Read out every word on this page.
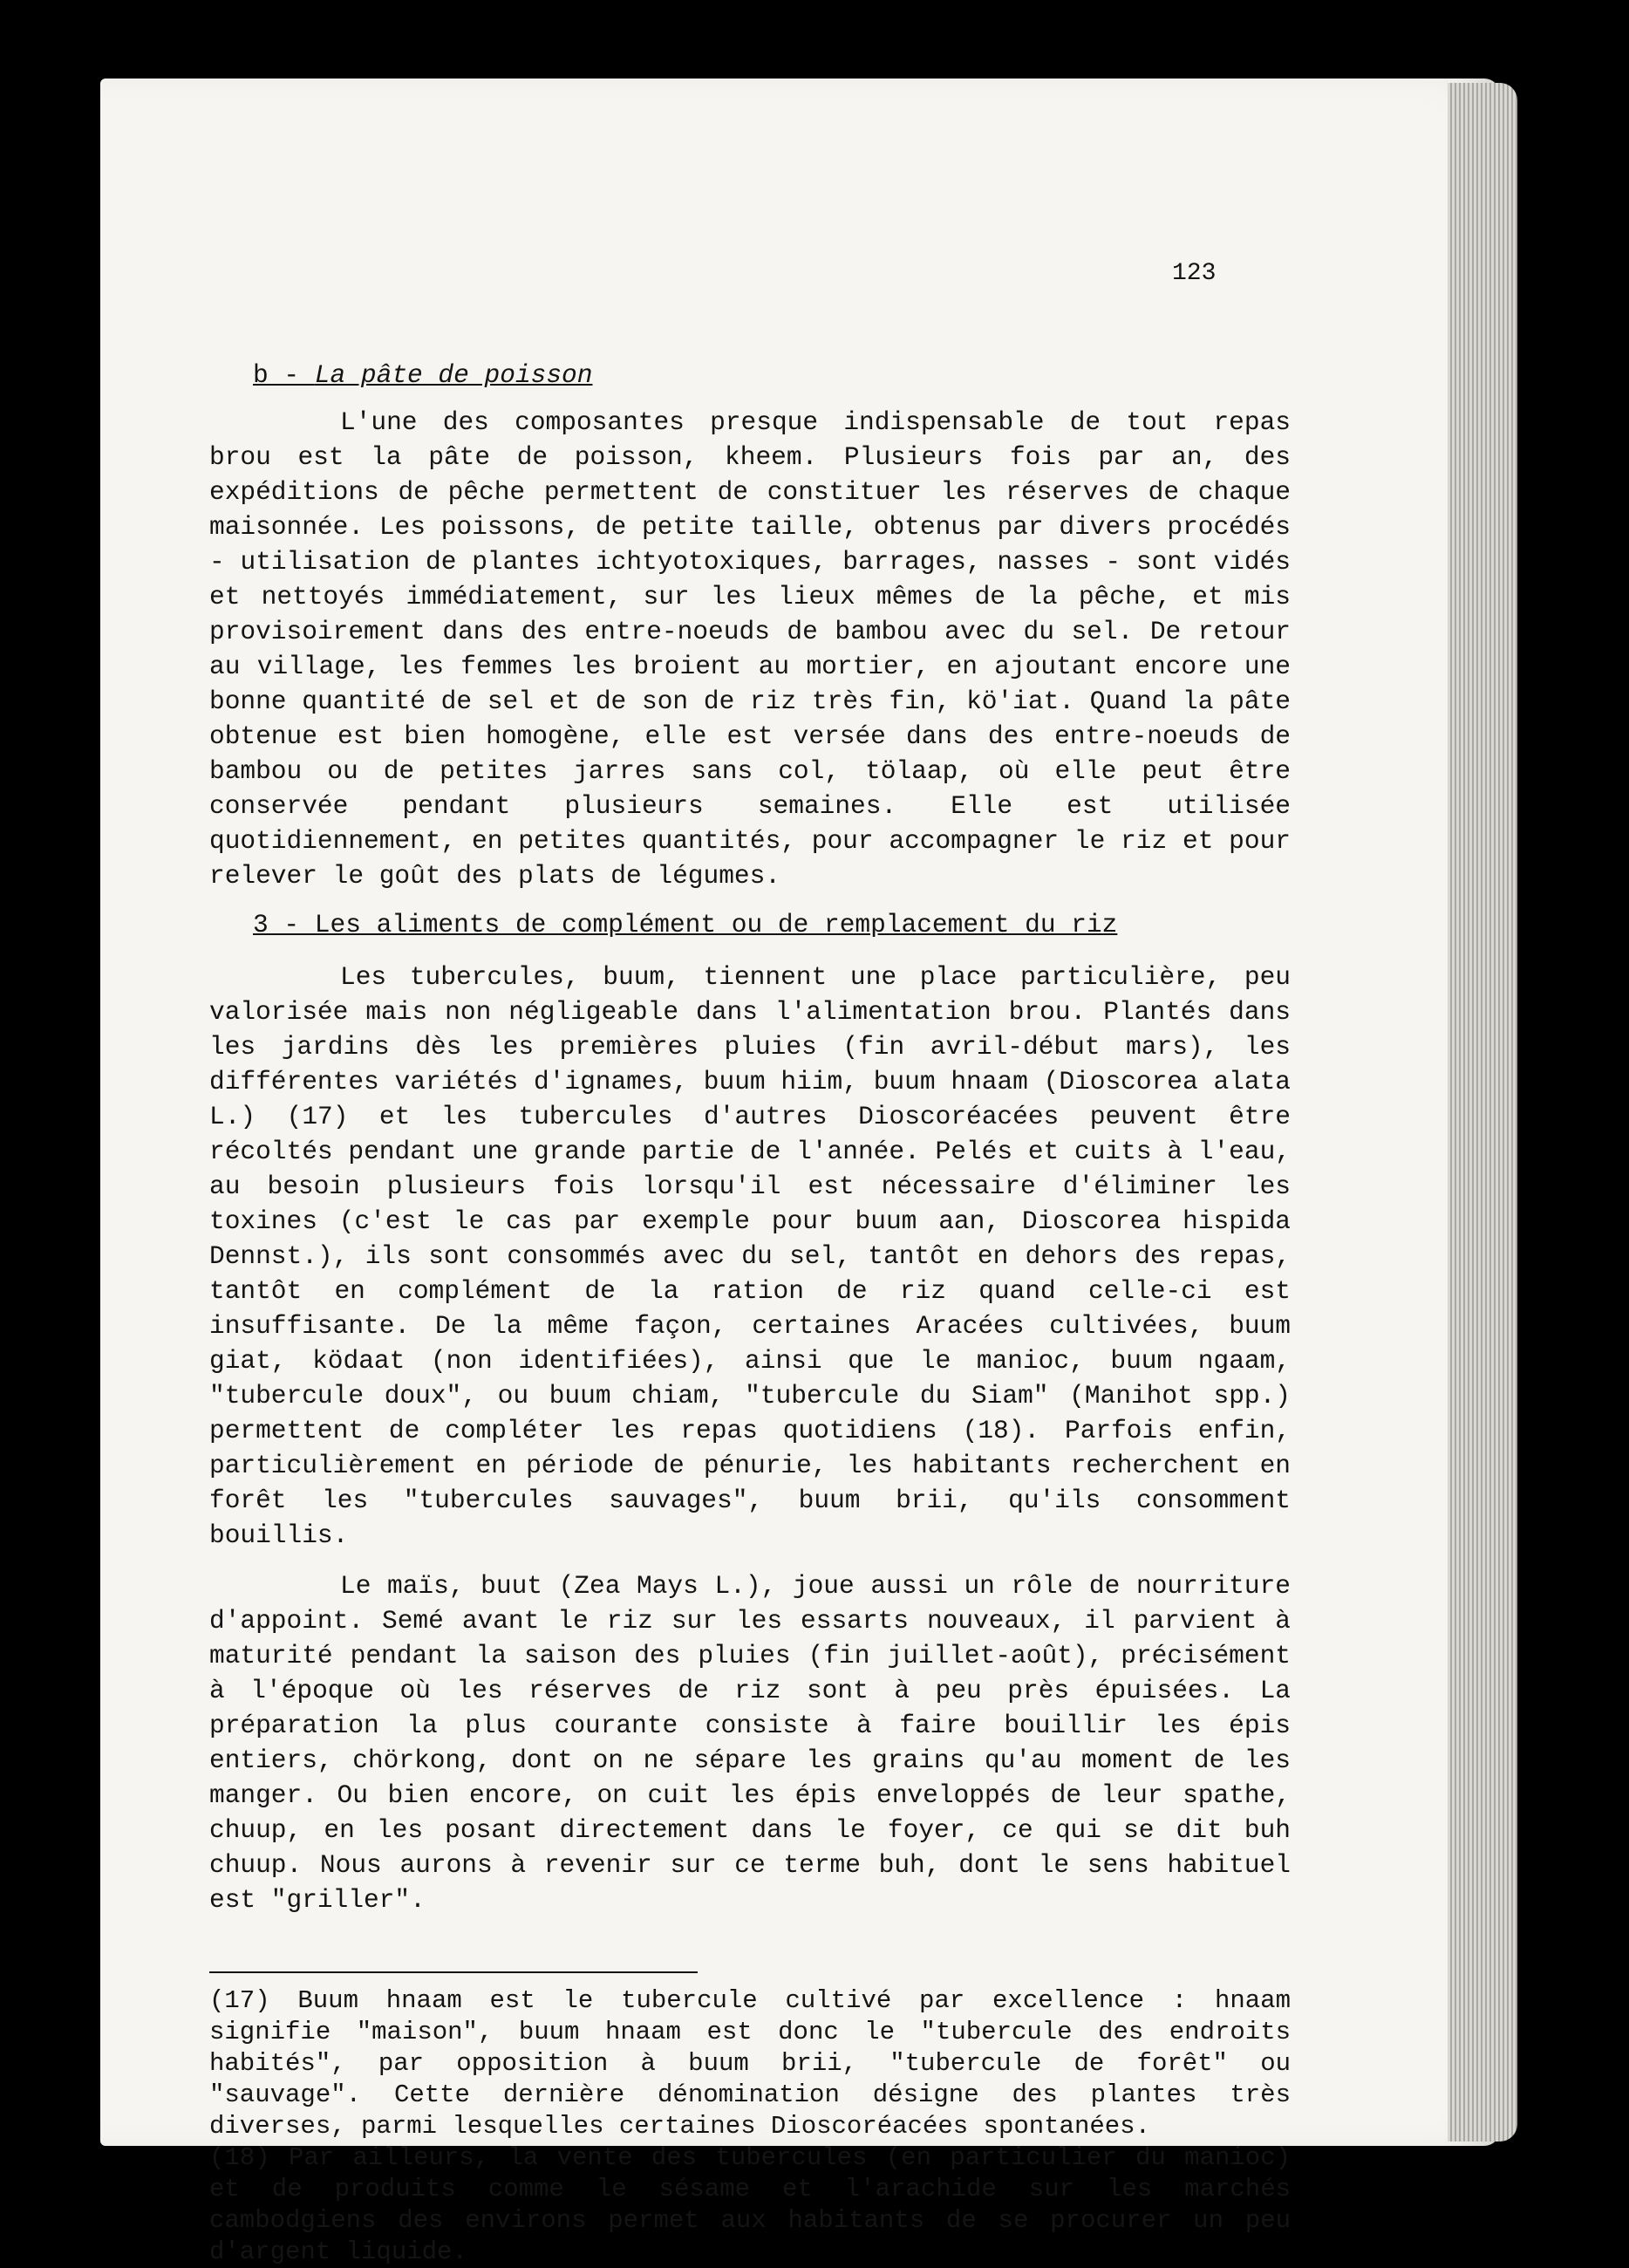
123
b - La pâte de poisson

L'une des composantes presque indispensable de tout repas brou est la pâte de poisson, kheem. Plusieurs fois par an, des expéditions de pêche permettent de constituer les réserves de chaque maisonnée. Les poissons, de petite taille, obtenus par divers procédés - utilisation de plantes ichtyotoxiques, barrages, nasses - sont vidés et nettoyés immédiatement, sur les lieux mêmes de la pêche, et mis provisoirement dans des entre-noeuds de bambou avec du sel. De retour au village, les femmes les broient au mortier, en ajoutant encore une bonne quantité de sel et de son de riz très fin, kö'iat. Quand la pâte obtenue est bien homogène, elle est versée dans des entre-noeuds de bambou ou de petites jarres sans col, tölaap, où elle peut être conservée pendant plusieurs semaines. Elle est utilisée quotidiennement, en petites quantités, pour accompagner le riz et pour relever le goût des plats de légumes.

3 - Les aliments de complément ou de remplacement du riz

Les tubercules, buum, tiennent une place particulière, peu valorisée mais non négligeable dans l'alimentation brou. Plantés dans les jardins dès les premières pluies (fin avril-début mars), les différentes variétés d'ignames, buum hiim, buum hnaam (Dioscorea alata L.) (17) et les tubercules d'autres Dioscoréacées peuvent être récoltés pendant une grande partie de l'année. Pelés et cuits à l'eau, au besoin plusieurs fois lorsqu'il est nécessaire d'éliminer les toxines (c'est le cas par exemple pour buum aan, Dioscorea hispida Dennst.), ils sont consommés avec du sel, tantôt en dehors des repas, tantôt en complément de la ration de riz quand celle-ci est insuffisante. De la même façon, certaines Aracées cultivées, buum giat, ködaat (non identifiées), ainsi que le manioc, buum ngaam, "tubercule doux", ou buum chiam, "tubercule du Siam" (Manihot spp.) permettent de compléter les repas quotidiens (18). Parfois enfin, particulièrement en période de pénurie, les habitants recherchent en forêt les "tubercules sauvages", buum brii, qu'ils consomment bouillis.

Le maïs, buut (Zea Mays L.), joue aussi un rôle de nourriture d'appoint. Semé avant le riz sur les essarts nouveaux, il parvient à maturité pendant la saison des pluies (fin juillet-août), précisément à l'époque où les réserves de riz sont à peu près épuisées. La préparation la plus courante consiste à faire bouillir les épis entiers, chörkong, dont on ne sépare les grains qu'au moment de les manger. Ou bien encore, on cuit les épis enveloppés de leur spathe, chuup, en les posant directement dans le foyer, ce qui se dit buh chuup. Nous aurons à revenir sur ce terme buh, dont le sens habituel est "griller".

(17) Buum hnaam est le tubercule cultivé par excellence : hnaam signifie "maison", buum hnaam est donc le "tubercule des endroits habités", par opposition à buum brii, "tubercule de forêt" ou "sauvage". Cette dernière dénomination désigne des plantes très diverses, parmi lesquelles certaines Dioscoréacées spontanées.

(18) Par ailleurs, la vente des tubercules (en particulier du manioc) et de produits comme le sésame et l'arachide sur les marchés cambodgiens des environs permet aux habitants de se procurer un peu d'argent liquide.
